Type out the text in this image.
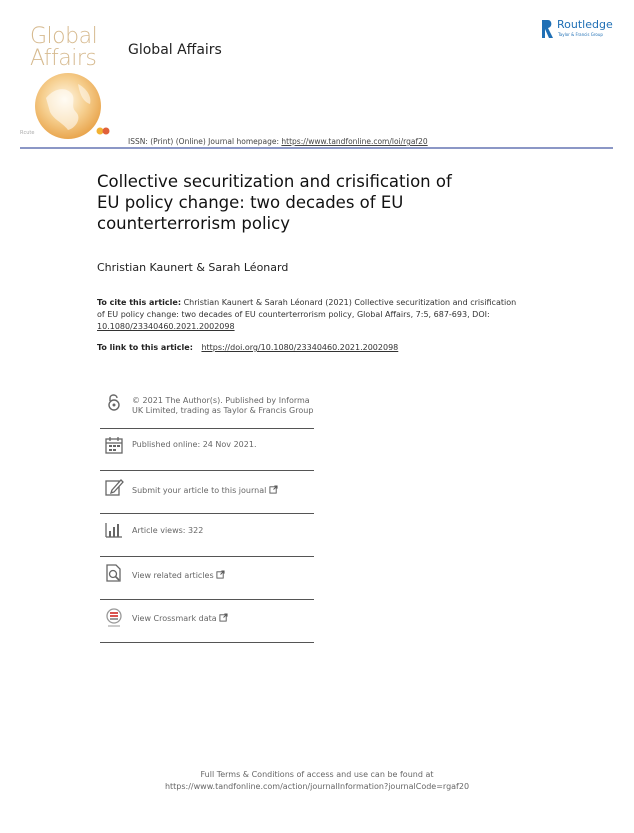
Global
Affairs
Rcute
Global Affairs
Routledge
Taylor & Francis Group
ISSN: (Print) (Online) Journal homepage: https://www.tandfonline.com/loi/rgaf20
Collective securitization and crisification of EU policy change: two decades of EU counterterrorism policy
Christian Kaunert & Sarah Léonard
To cite this article: Christian Kaunert & Sarah Léonard (2021) Collective securitization and crisification of EU policy change: two decades of EU counterterrorism policy, Global Affairs, 7:5, 687-693, DOI: 10.1080/23340460.2021.2002098
To link to this article: https://doi.org/10.1080/23340460.2021.2002098
© 2021 The Author(s). Published by Informa UK Limited, trading as Taylor & Francis Group
Published online: 24 Nov 2021.
Submit your article to this journal
Article views: 322
View related articles
View Crossmark data
Full Terms & Conditions of access and use can be found at
https://www.tandfonline.com/action/journalInformation?journalCode=rgaf20
